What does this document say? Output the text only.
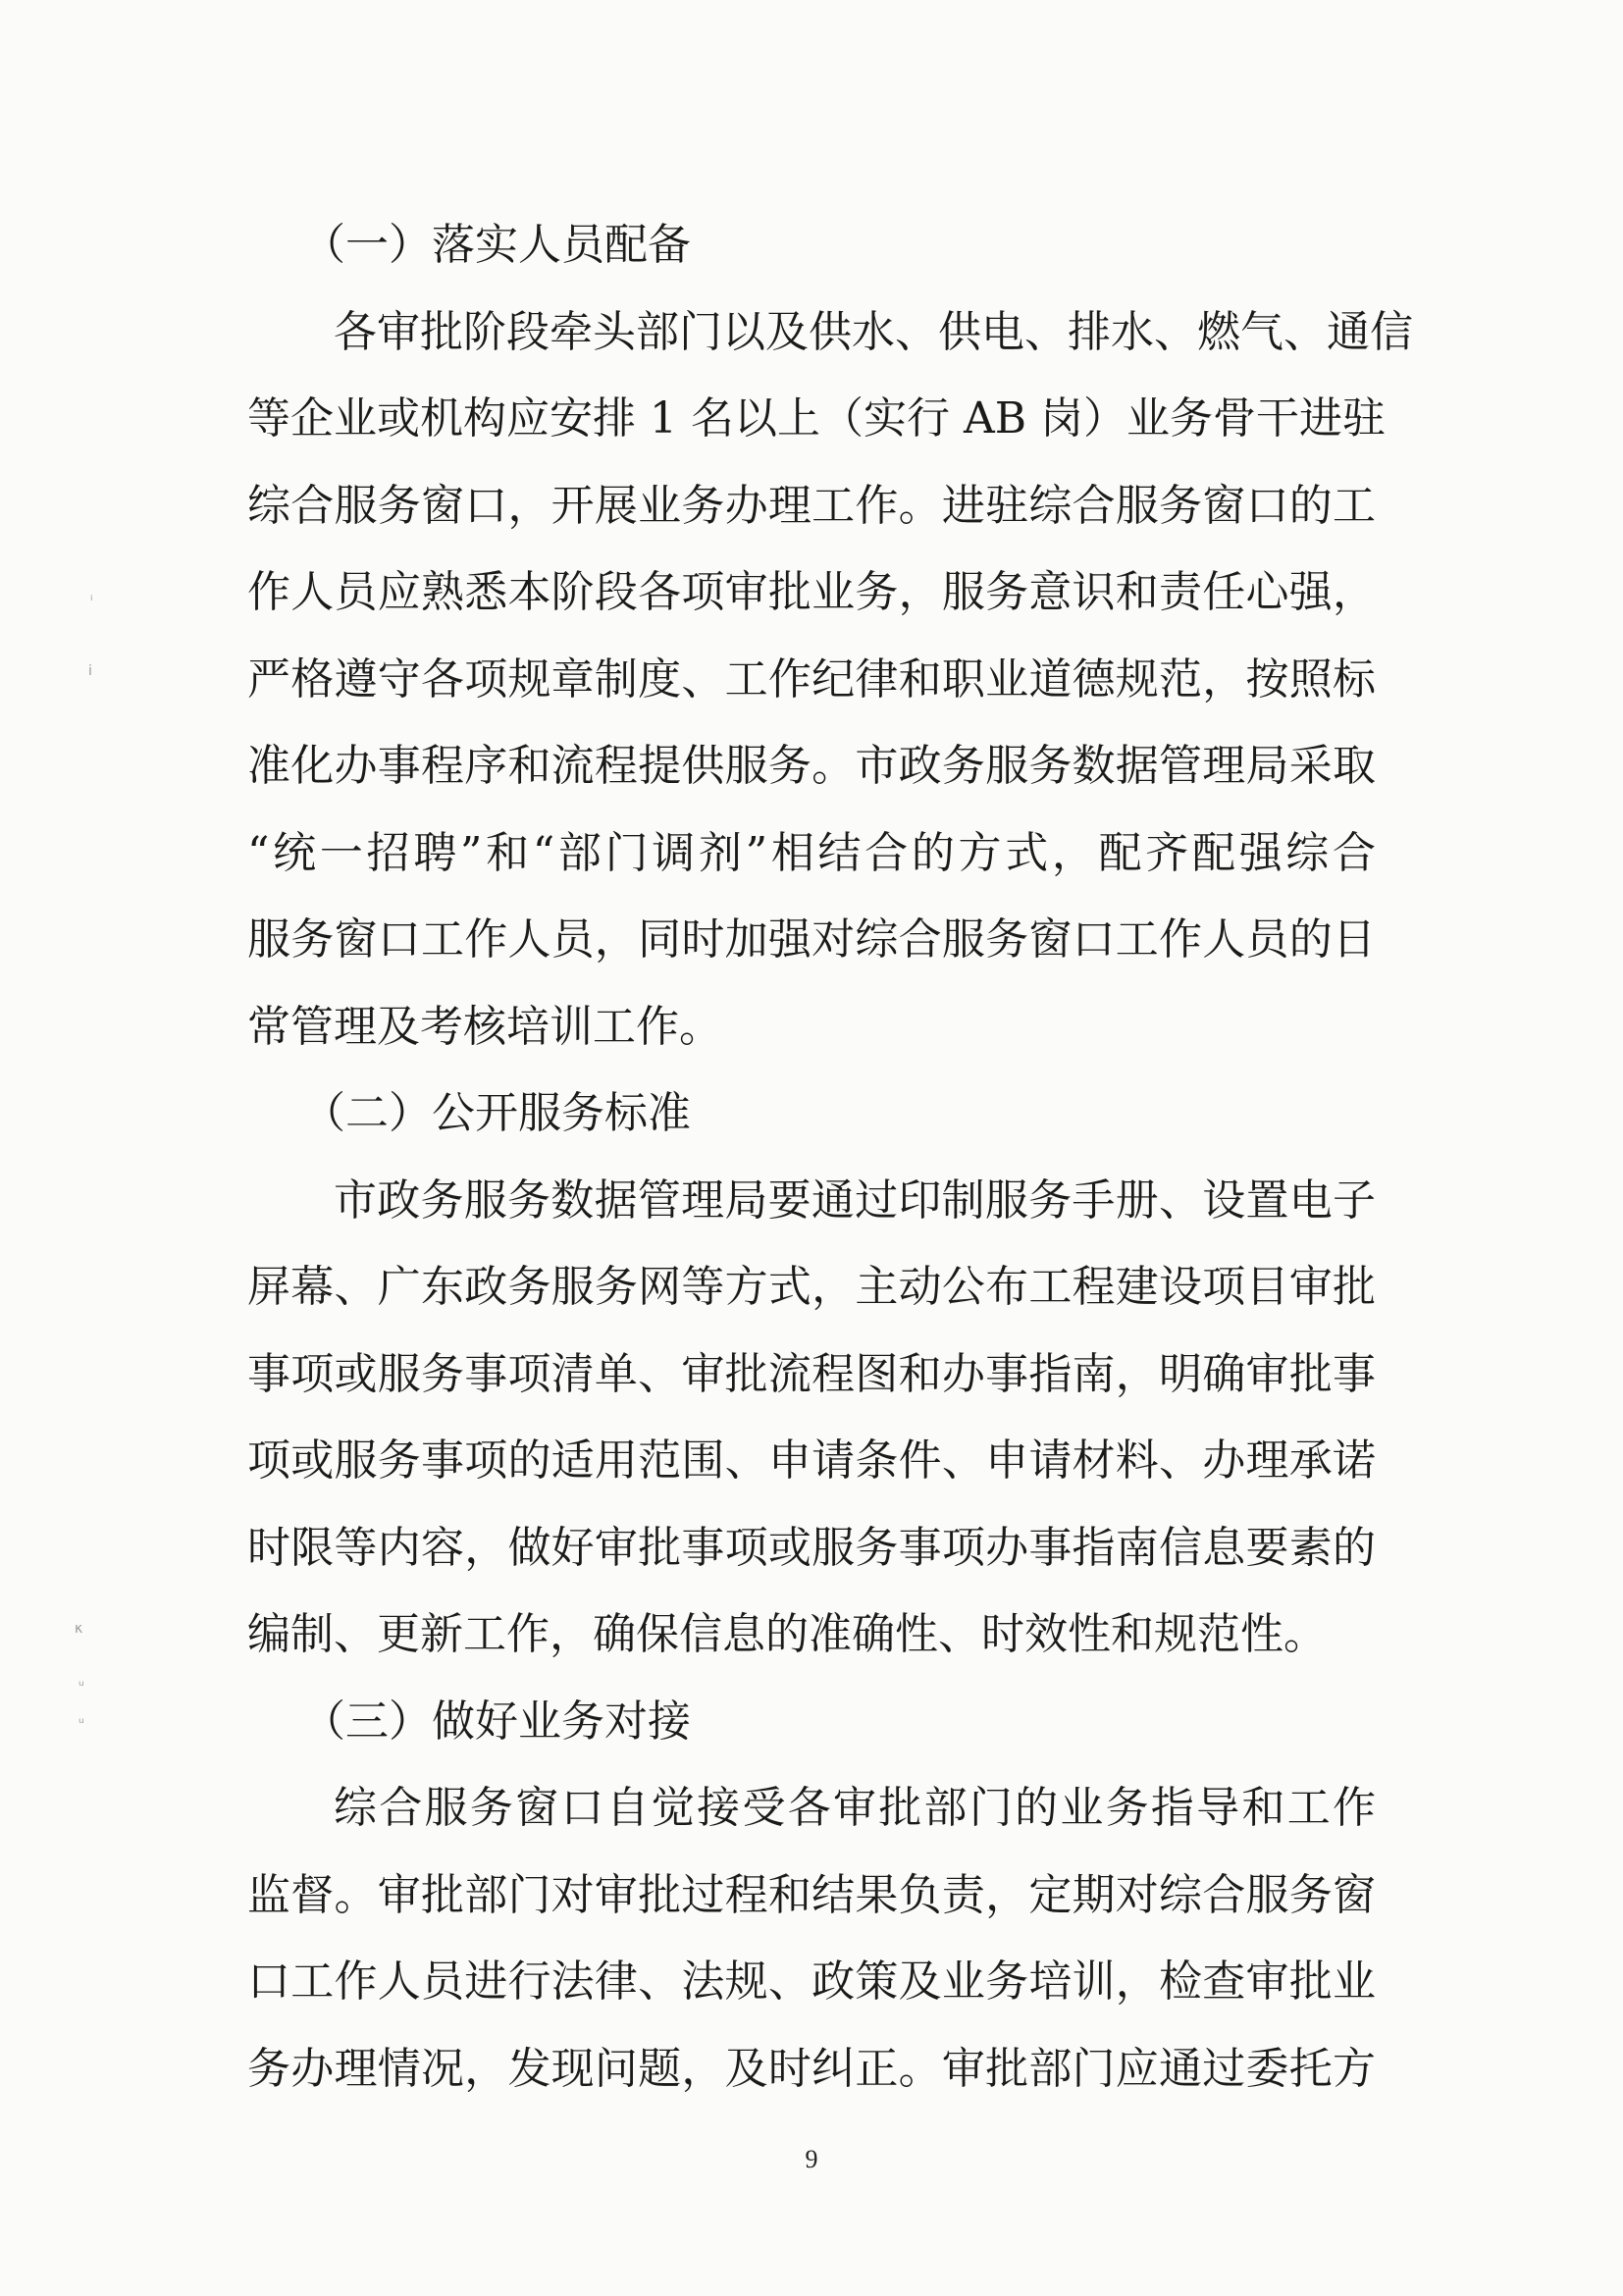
ᵢ
ⅰ
κ
ᵤ
ᵤ
（一）落实人员配备
各审批阶段牵头部门以及供水、供电、排水、燃气、通信
等企业或机构应安排 1 名以上（实行 AB 岗）业务骨干进驻
综合服务窗口，开展业务办理工作。进驻综合服务窗口的工
作人员应熟悉本阶段各项审批业务，服务意识和责任心强，
严格遵守各项规章制度、工作纪律和职业道德规范，按照标
准化办事程序和流程提供服务。市政务服务数据管理局采取
“统一招聘”和“部门调剂”相结合的方式，配齐配强综合
服务窗口工作人员，同时加强对综合服务窗口工作人员的日
常管理及考核培训工作。
（二）公开服务标准
市政务服务数据管理局要通过印制服务手册、设置电子
屏幕、广东政务服务网等方式，主动公布工程建设项目审批
事项或服务事项清单、审批流程图和办事指南，明确审批事
项或服务事项的适用范围、申请条件、申请材料、办理承诺
时限等内容，做好审批事项或服务事项办事指南信息要素的
编制、更新工作，确保信息的准确性、时效性和规范性。
（三）做好业务对接
综合服务窗口自觉接受各审批部门的业务指导和工作
监督。审批部门对审批过程和结果负责，定期对综合服务窗
口工作人员进行法律、法规、政策及业务培训，检查审批业
务办理情况，发现问题，及时纠正。审批部门应通过委托方
9
